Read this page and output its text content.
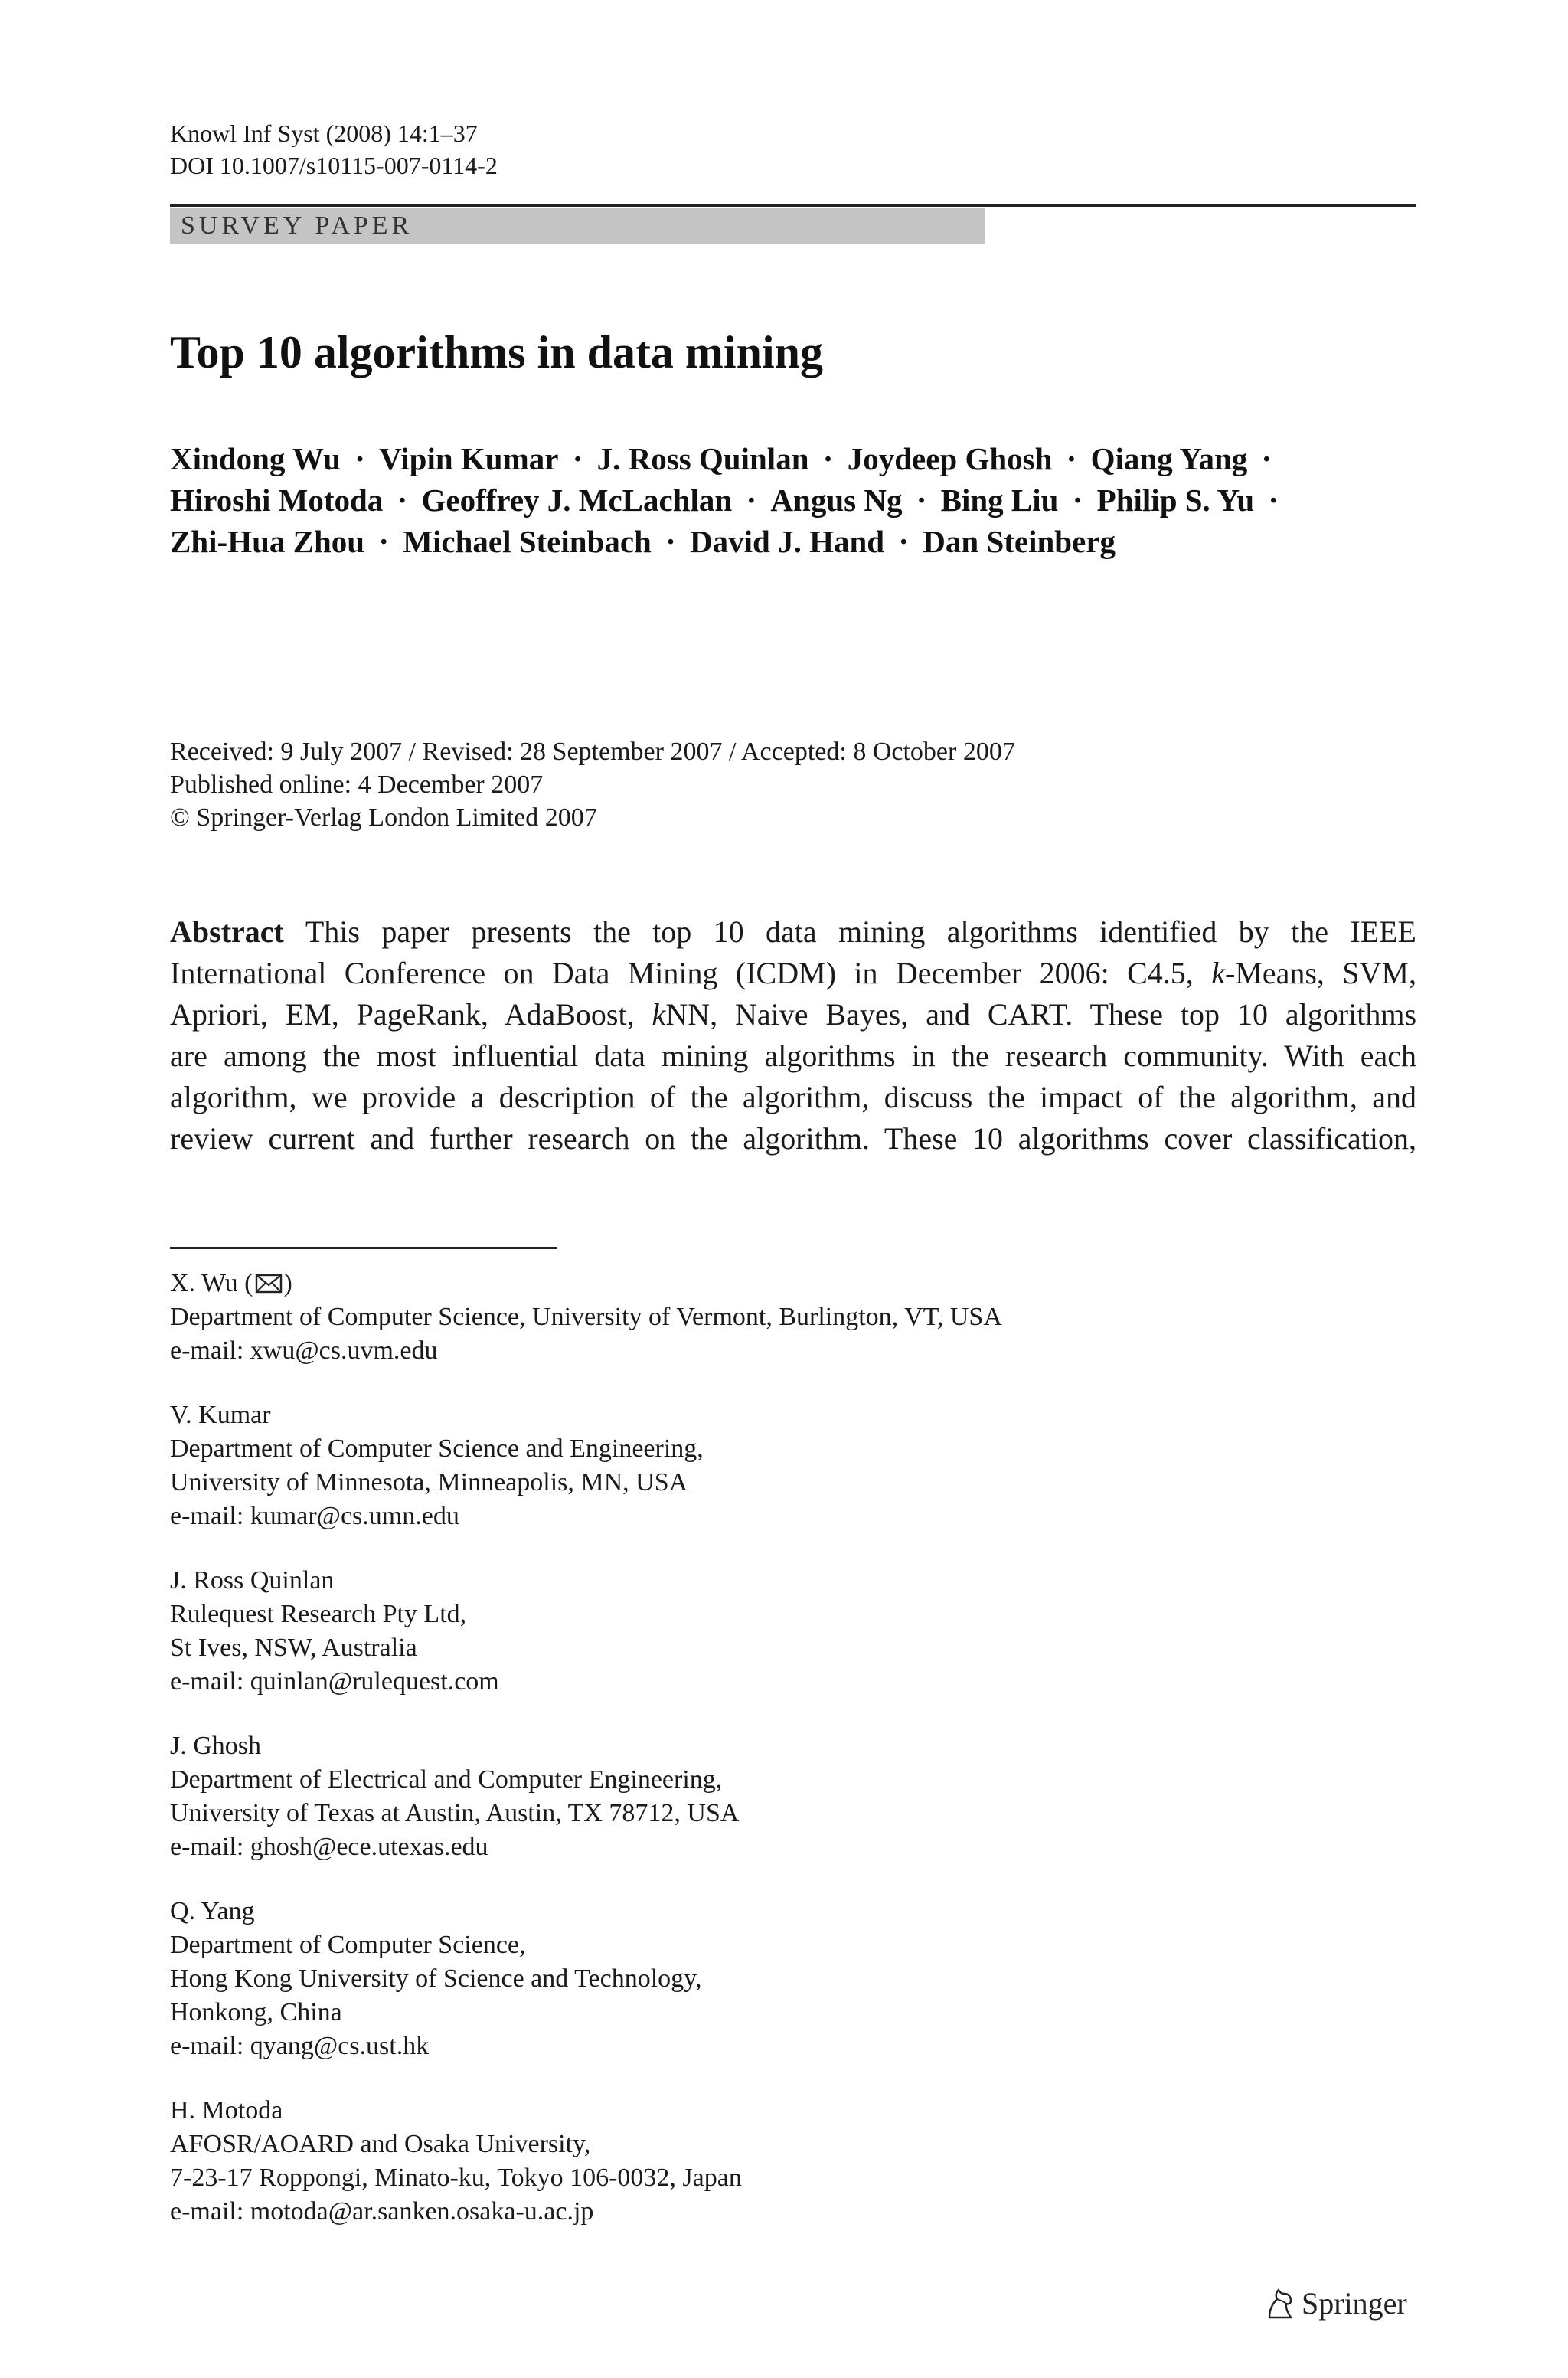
Knowl Inf Syst (2008) 14:1–37
DOI 10.1007/s10115-007-0114-2
SURVEY PAPER
Top 10 algorithms in data mining
Xindong Wu · Vipin Kumar · J. Ross Quinlan · Joydeep Ghosh · Qiang Yang ·
Hiroshi Motoda · Geoffrey J. McLachlan · Angus Ng · Bing Liu · Philip S. Yu ·
Zhi-Hua Zhou · Michael Steinbach · David J. Hand · Dan Steinberg
Received: 9 July 2007 / Revised: 28 September 2007 / Accepted: 8 October 2007
Published online: 4 December 2007
© Springer-Verlag London Limited 2007
Abstract This paper presents the top 10 data mining algorithms identified by the IEEE
International Conference on Data Mining (ICDM) in December 2006: C4.5, k-Means, SVM,
Apriori, EM, PageRank, AdaBoost, kNN, Naive Bayes, and CART. These top 10 algorithms
are among the most influential data mining algorithms in the research community. With each
algorithm, we provide a description of the algorithm, discuss the impact of the algorithm, and
review current and further research on the algorithm. These 10 algorithms cover classification,
X. Wu ( )
Department of Computer Science, University of Vermont, Burlington, VT, USA
e-mail: xwu@cs.uvm.edu
V. Kumar
Department of Computer Science and Engineering,
University of Minnesota, Minneapolis, MN, USA
e-mail: kumar@cs.umn.edu
J. Ross Quinlan
Rulequest Research Pty Ltd,
St Ives, NSW, Australia
e-mail: quinlan@rulequest.com
J. Ghosh
Department of Electrical and Computer Engineering,
University of Texas at Austin, Austin, TX 78712, USA
e-mail: ghosh@ece.utexas.edu
Q. Yang
Department of Computer Science,
Hong Kong University of Science and Technology,
Honkong, China
e-mail: qyang@cs.ust.hk
H. Motoda
AFOSR/AOARD and Osaka University,
7-23-17 Roppongi, Minato-ku, Tokyo 106-0032, Japan
e-mail: motoda@ar.sanken.osaka-u.ac.jp
Springer
